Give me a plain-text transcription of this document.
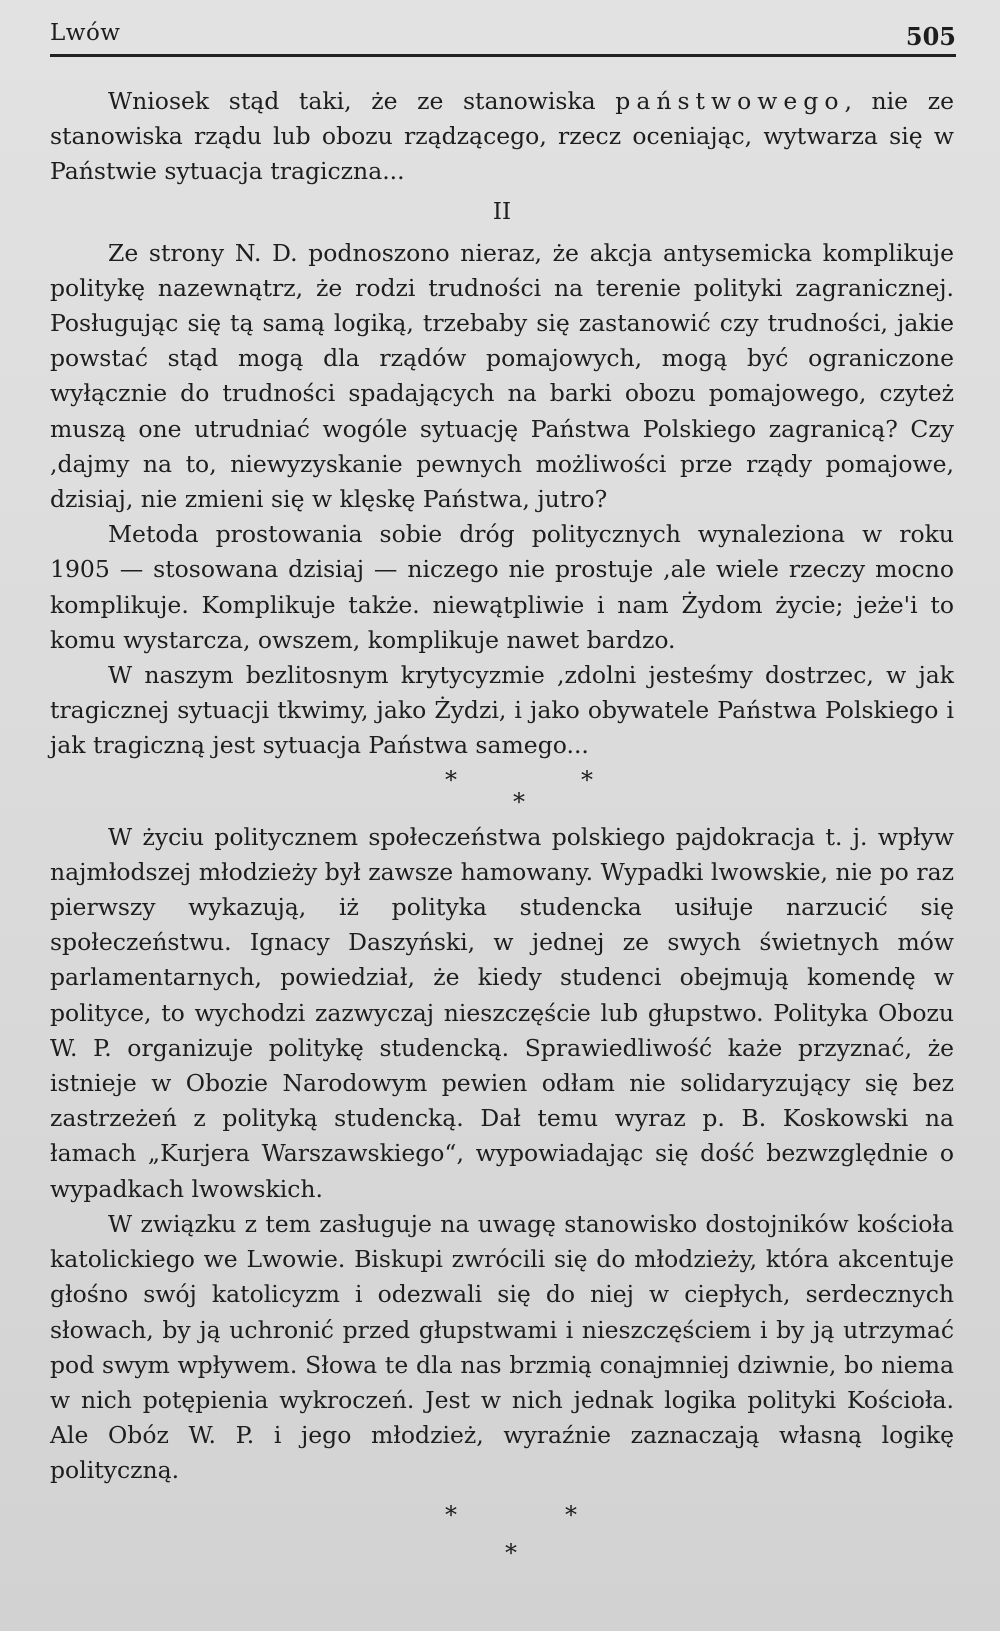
Lwów	505

Wniosek stąd taki, że ze stanowiska państwowego, nie ze stanowiska rządu lub obozu rządzącego, rzecz oceniając, wytwarza się w Państwie sytuacja tragiczna...

II

Ze strony N. D. podnoszono nieraz, że akcja antysemicka komplikuje politykę nazewnątrz, że rodzi trudności na terenie polityki zagranicznej. Posługując się tą samą logiką, trzebaby się zastanowić czy trudności, jakie powstać stąd mogą dla rządów pomajowych, mogą być ograniczone wyłącznie do trudności spadających na barki obozu pomajowego, czyteż muszą one utrudniać wogóle sytuację Państwa Polskiego zagranicą? Czy ,dajmy na to, niewyzyskanie pewnych możliwości prze rządy pomajowe, dzisiaj, nie zmieni się w klęskę Państwa, jutro?

Metoda prostowania sobie dróg politycznych wynaleziona w roku 1905 — stosowana dzisiaj — niczego nie prostuje ,ale wiele rzeczy mocno komplikuje. Komplikuje także. niewątpliwie i nam Żydom życie; jeże'i to komu wystarcza, owszem, komplikuje nawet bardzo.

W naszym bezlitosnym krytycyzmie ,zdolni jesteśmy dostrzec, w jak tragicznej sytuacji tkwimy, jako Żydzi, i jako obywatele Państwa Polskiego i jak tragiczną jest sytuacja Państwa samego...

*	*
*

W życiu politycznem społeczeństwa polskiego pajdokracja t. j. wpływ najmłodszej młodzieży był zawsze hamowany. Wypadki lwowskie, nie po raz pierwszy wykazują, iż polityka studencka usiłuje narzucić się społeczeństwu. Ignacy Daszyński, w jednej ze swych świetnych mów parlamentarnych, powiedział, że kiedy studenci obejmują komendę w polityce, to wychodzi zazwyczaj nieszczęście lub głupstwo. Polityka Obozu W. P. organizuje politykę studencką. Sprawiedliwość każe przyznać, że istnieje w Obozie Narodowym pewien odłam nie solidaryzujący się bez zastrzeżeń z polityką studencką. Dał temu wyraz p. B. Koskowski na łamach „Kurjera Warszawskiego“, wypowiadając się dość bezwzględnie o wypadkach lwowskich.

W związku z tem zasługuje na uwagę stanowisko dostojników kościoła katolickiego we Lwowie. Biskupi zwrócili się do młodzieży, która akcentuje głośno swój katolicyzm i odezwali się do niej w ciepłych, serdecznych słowach, by ją uchronić przed głupstwami i nieszczęściem i by ją utrzymać pod swym wpływem. Słowa te dla nas brzmią conajmniej dziwnie, bo niema w nich potępienia wykroczeń. Jest w nich jednak logika polityki Kościoła. Ale Obóz W. P. i jego młodzież, wyraźnie zaznaczają własną logikę polityczną.

*	*
*
